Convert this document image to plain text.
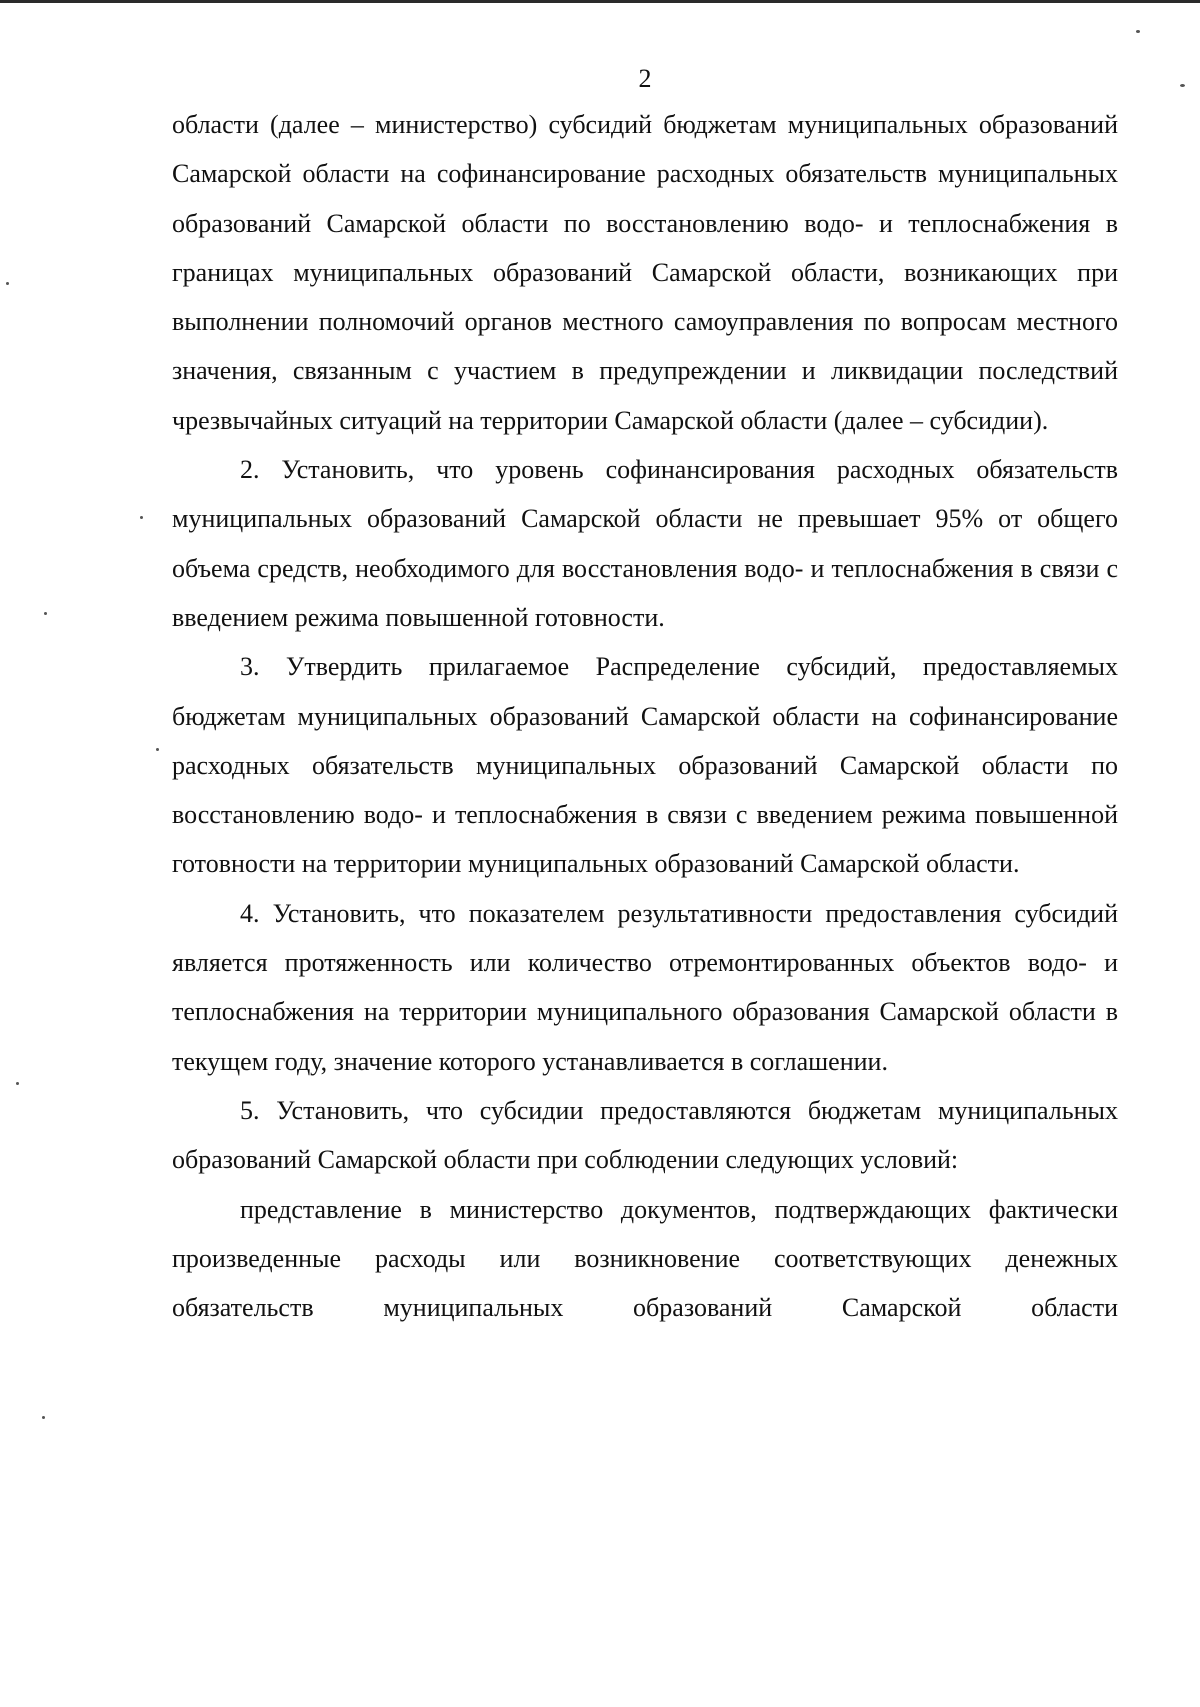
2

области (далее – министерство) субсидий бюджетам муниципальных образований Самарской области на софинансирование расходных обязательств муниципальных образований Самарской области по восстановлению водо- и теплоснабжения в границах муниципальных образований Самарской области, возникающих при выполнении полномочий органов местного самоуправления по вопросам местного значения, связанным с участием в предупреждении и ликвидации последствий чрезвычайных ситуаций на территории Самарской области (далее – субсидии).

2. Установить, что уровень софинансирования расходных обязательств муниципальных образований Самарской области не превышает 95% от общего объема средств, необходимого для восстановления водо- и теплоснабжения в связи с введением режима повышенной готовности.

3. Утвердить прилагаемое Распределение субсидий, предоставляемых бюджетам муниципальных образований Самарской области на софинансирование расходных обязательств муниципальных образований Самарской области по восстановлению водо- и теплоснабжения в связи с введением режима повышенной готовности на территории муниципальных образований Самарской области.

4. Установить, что показателем результативности предоставления субсидий является протяженность или количество отремонтированных объектов водо- и теплоснабжения на территории муниципального образования Самарской области в текущем году, значение которого устанавливается в соглашении.

5. Установить, что субсидии предоставляются бюджетам муниципальных образований Самарской области при соблюдении следующих условий:

представление в министерство документов, подтверждающих фактически произведенные расходы или возникновение соответствующих денежных обязательств муниципальных образований Самарской области
